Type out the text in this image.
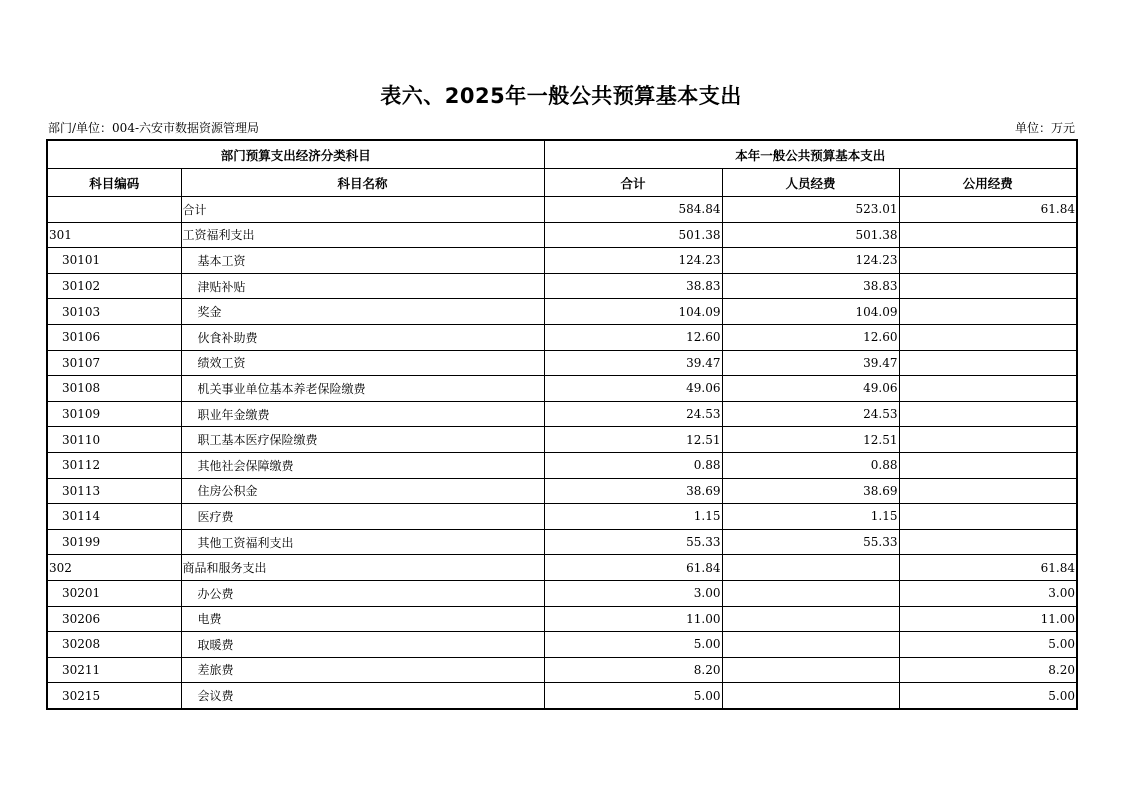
表六、2025年一般公共预算基本支出
部门/单位：004-六安市数据资源管理局	单位：万元
部门预算支出经济分类科目		本年一般公共预算基本支出		
科目编码	科目名称	合计	人员经费	公用经费
	合计	584.84	523.01	61.84
301	工资福利支出	501.38	501.38	
30101	基本工资	124.23	124.23	
30102	津贴补贴	38.83	38.83	
30103	奖金	104.09	104.09	
30106	伙食补助费	12.60	12.60	
30107	绩效工资	39.47	39.47	
30108	机关事业单位基本养老保险缴费	49.06	49.06	
30109	职业年金缴费	24.53	24.53	
30110	职工基本医疗保险缴费	12.51	12.51	
30112	其他社会保障缴费	0.88	0.88	
30113	住房公积金	38.69	38.69	
30114	医疗费	1.15	1.15	
30199	其他工资福利支出	55.33	55.33	
302	商品和服务支出	61.84		61.84
30201	办公费	3.00		3.00
30206	电费	11.00		11.00
30208	取暖费	5.00		5.00
30211	差旅费	8.20		8.20
30215	会议费	5.00		5.00
